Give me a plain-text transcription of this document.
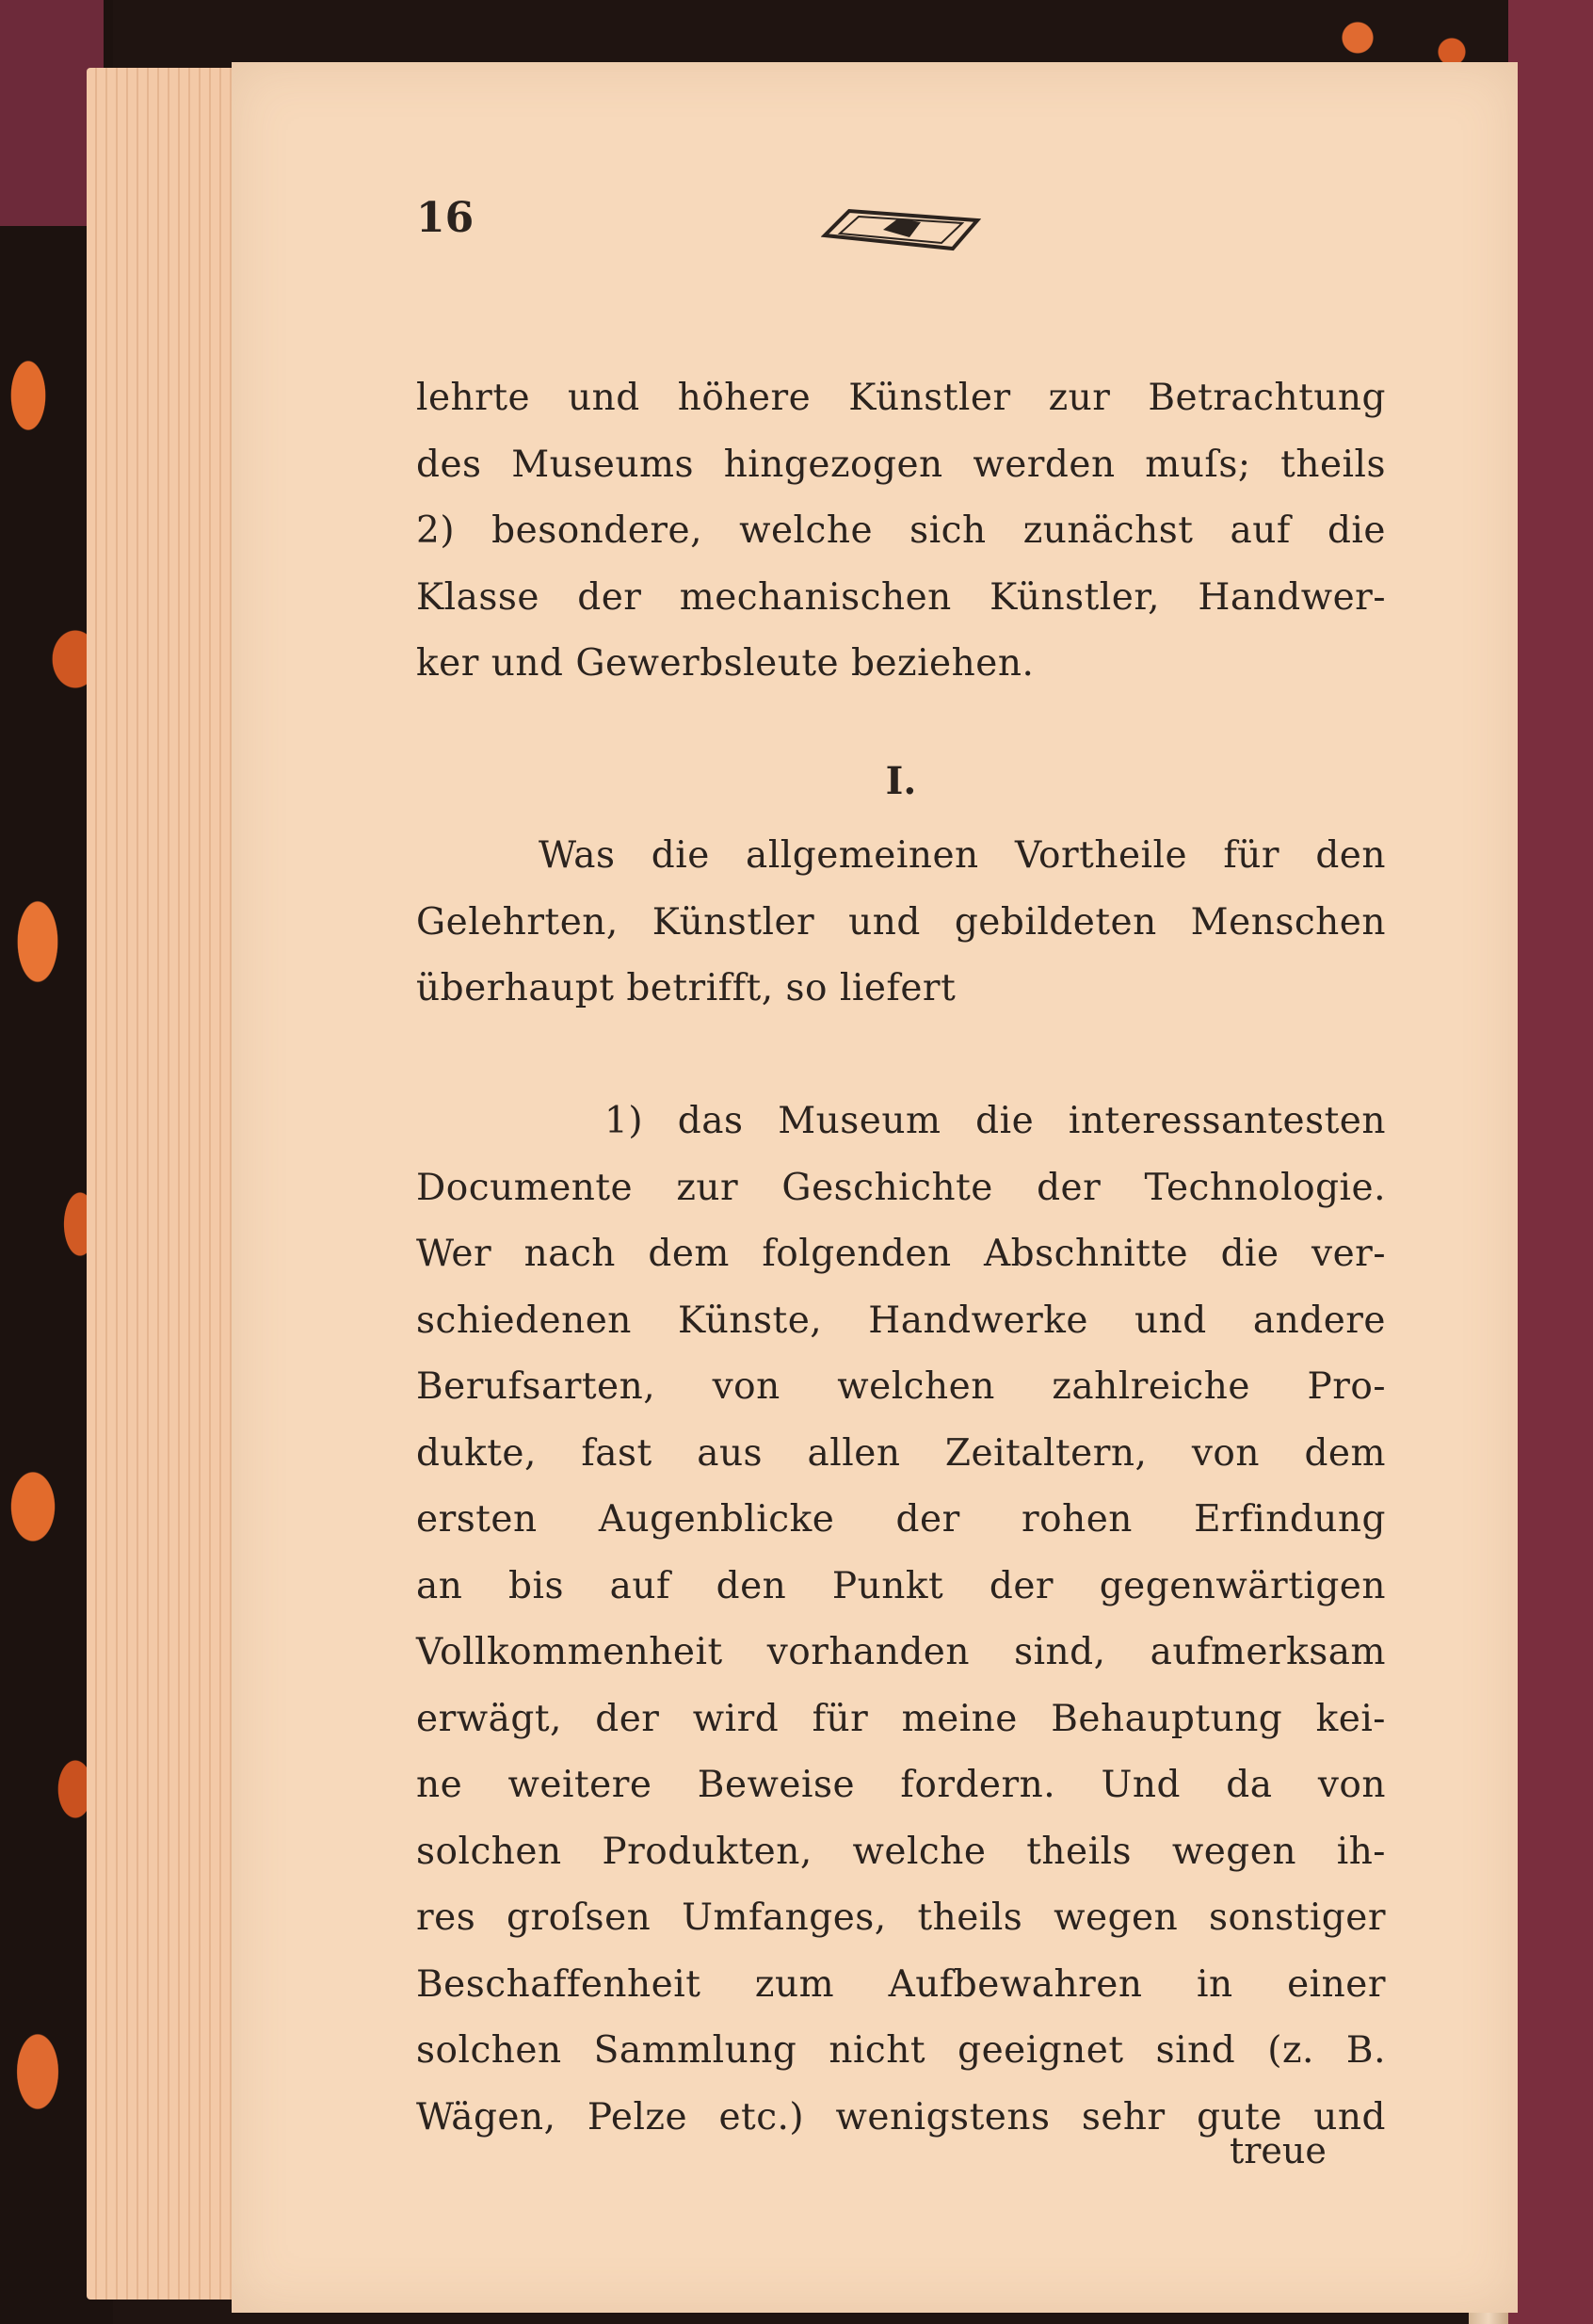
16
lehrte und höhere Künstler zur Betrachtung
des Museums hingezogen werden muſs; theils
2) besondere, welche sich zunächst auf die
Klasse der mechanischen Künstler, Handwer-
ker und Gewerbsleute beziehen.
I.
Was die allgemeinen Vortheile für den
Gelehrten, Künstler und gebildeten Menschen
überhaupt betrifft, so liefert
1) das Museum die interessantesten
Documente zur Geschichte der Technologie.
Wer nach dem folgenden Abschnitte die ver-
schiedenen Künste, Handwerke und andere
Berufsarten, von welchen zahlreiche Pro-
dukte, fast aus allen Zeitaltern, von dem
ersten Augenblicke der rohen Erfindung
an bis auf den Punkt der gegenwärtigen
Vollkommenheit vorhanden sind, aufmerksam
erwägt, der wird für meine Behauptung kei-
ne weitere Beweise fordern. Und da von
solchen Produkten, welche theils wegen ih-
res groſsen Umfanges, theils wegen sonstiger
Beschaffenheit zum Aufbewahren in einer
solchen Sammlung nicht geeignet sind (z. B.
Wägen, Pelze etc.) wenigstens sehr gute und
treue
